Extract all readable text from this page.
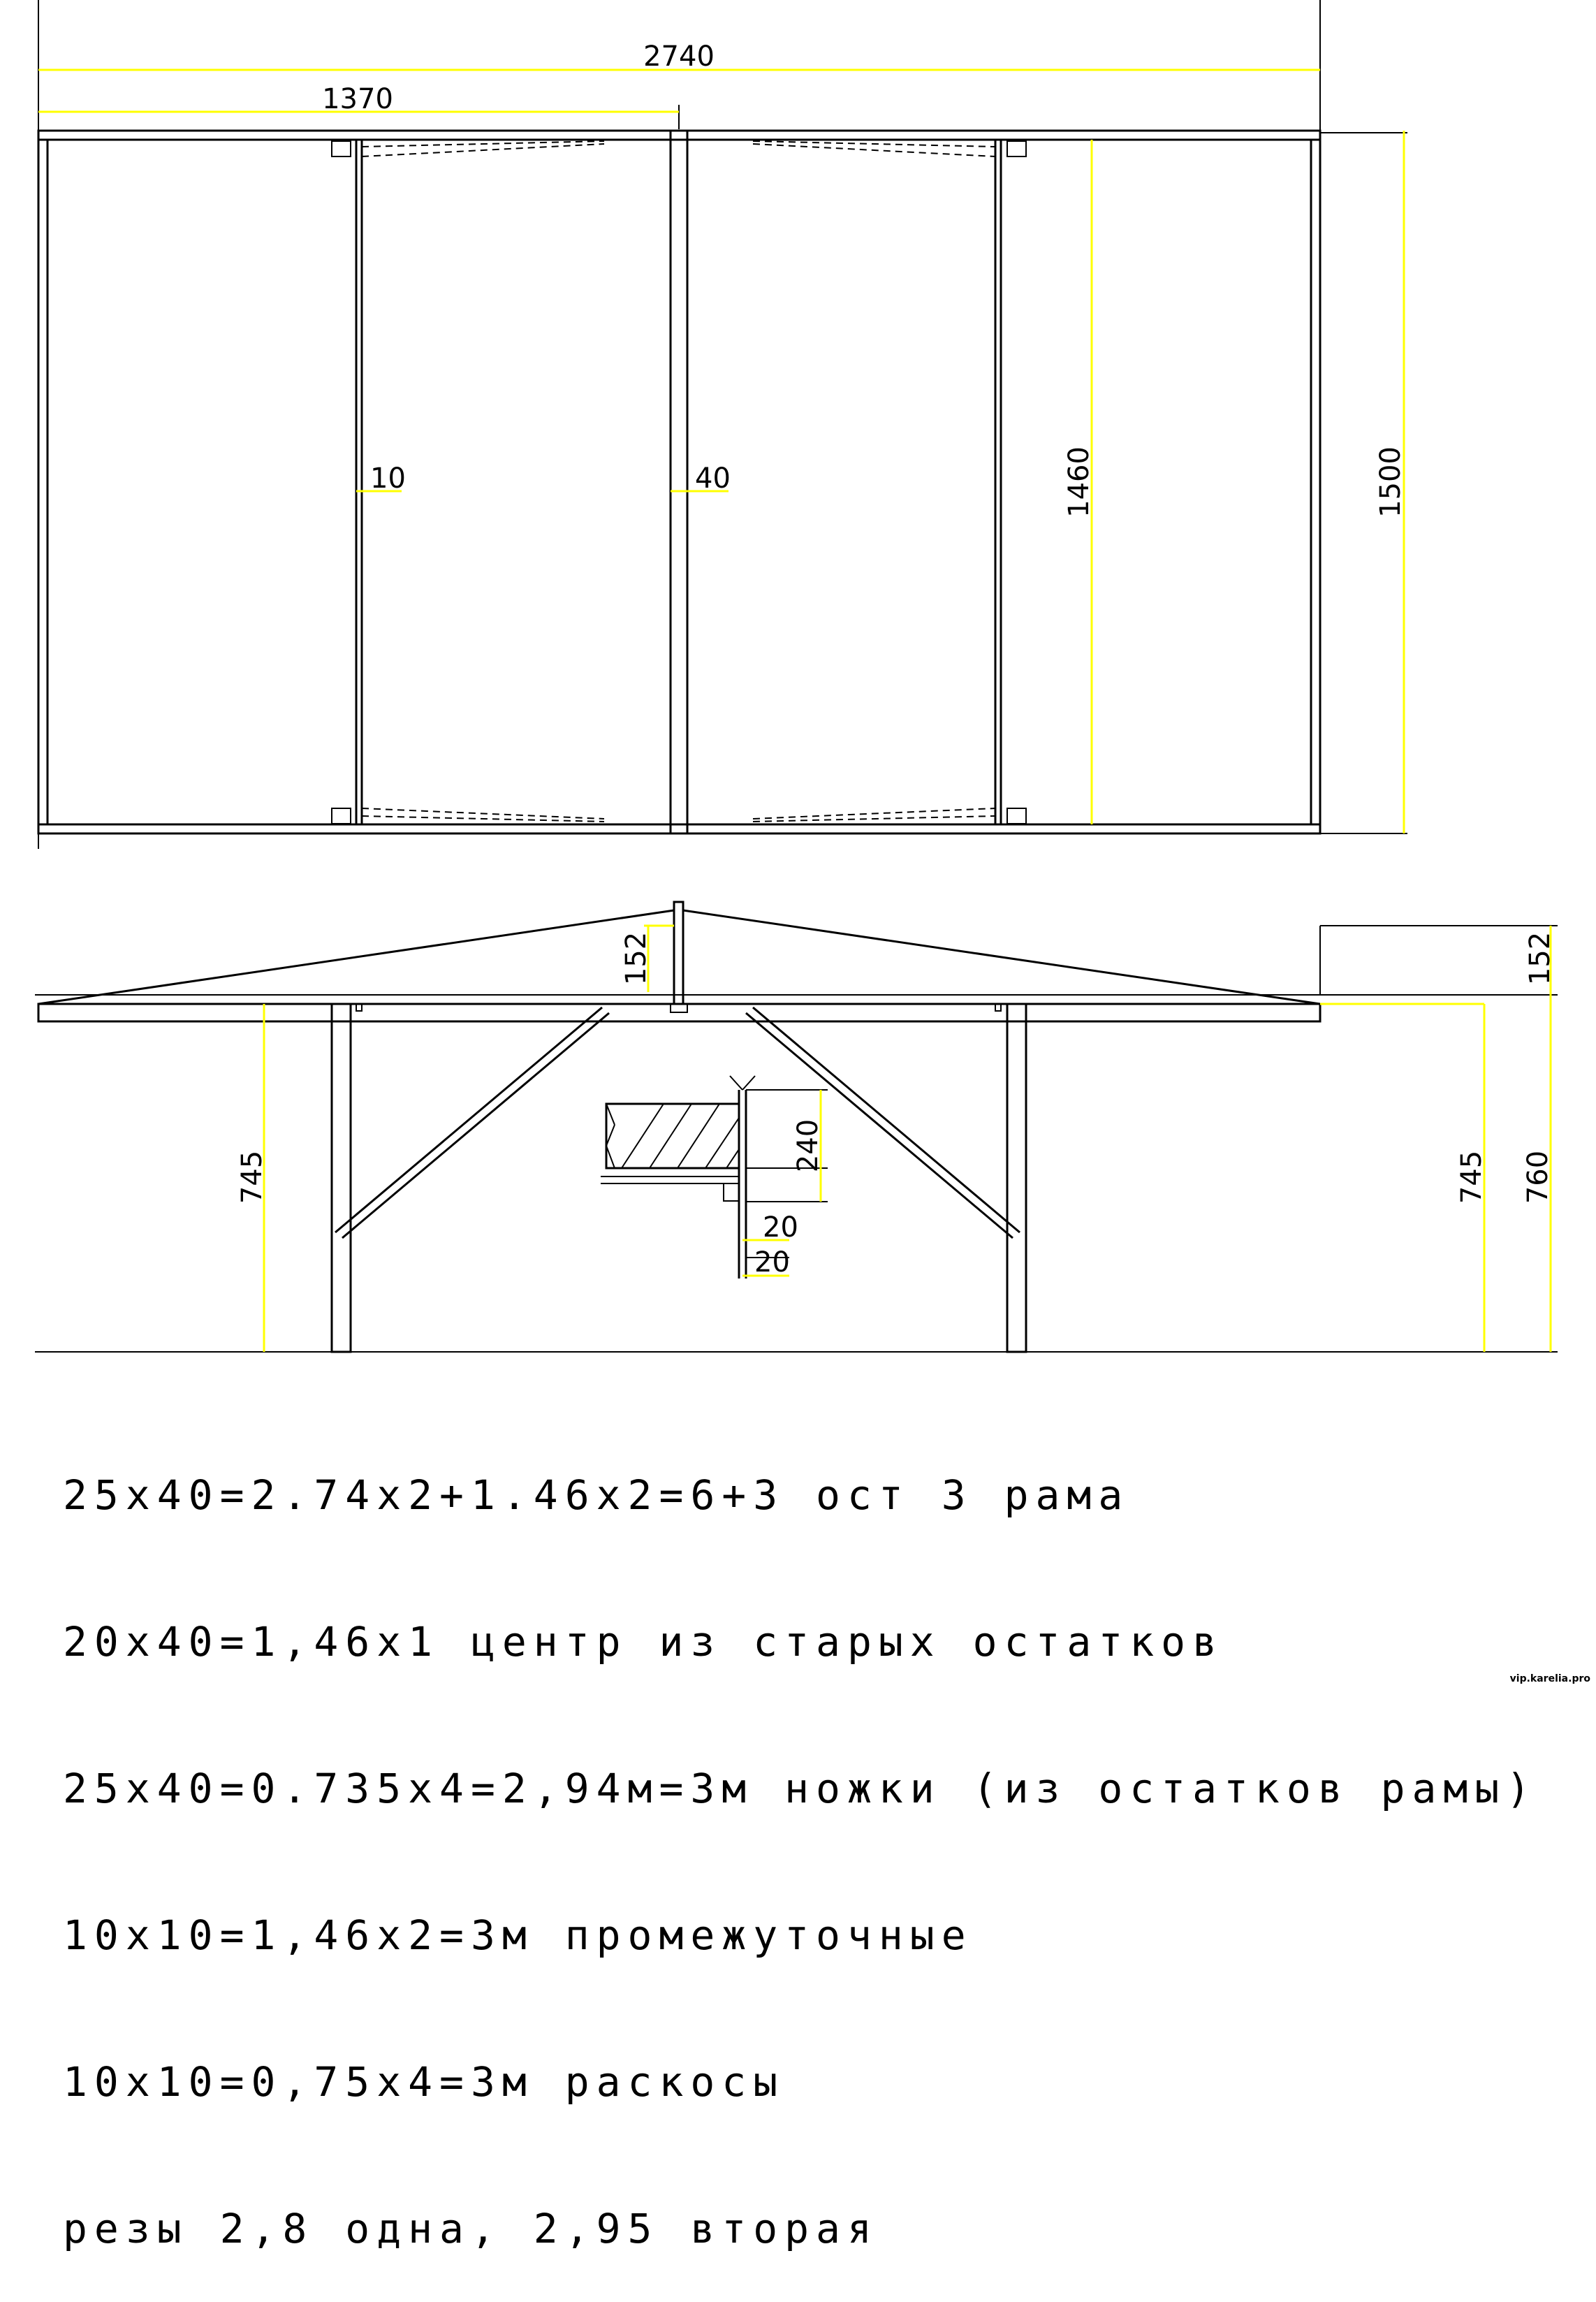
2740
1370
10	40	1460	1500
152	152
745	745 760
240
20
20

25x40=2.74x2+1.46x2=6+3 ост 3 рама

20x40=1,46x1 центр из старых остатков

25x40=0.735x4=2,94м=3м ножки (из остатков рамы)

10x10=1,46x2=3м промежуточные

10x10=0,75x4=3м раскосы

резы 2,8 одна, 2,95 вторая

vip.karelia.pro
